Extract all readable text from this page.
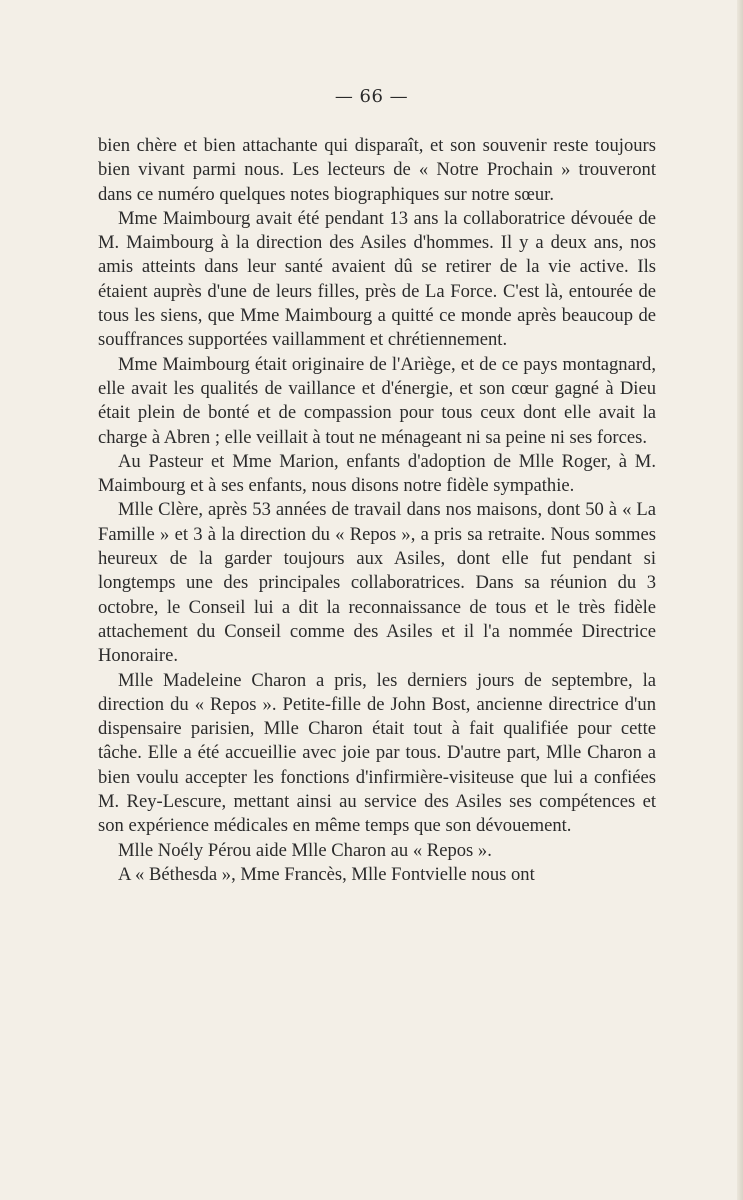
— 66 —

bien chère et bien attachante qui disparaît, et son souvenir reste toujours bien vivant parmi nous. Les lecteurs de « Notre Prochain » trouveront dans ce numéro quelques notes biographiques sur notre sœur.

Mme Maimbourg avait été pendant 13 ans la collaboratrice dévouée de M. Maimbourg à la direction des Asiles d'hommes. Il y a deux ans, nos amis atteints dans leur santé avaient dû se retirer de la vie active. Ils étaient auprès d'une de leurs filles, près de La Force. C'est là, entourée de tous les siens, que Mme Maimbourg a quitté ce monde après beaucoup de souffrances supportées vaillamment et chrétiennement.

Mme Maimbourg était originaire de l'Ariège, et de ce pays montagnard, elle avait les qualités de vaillance et d'énergie, et son cœur gagné à Dieu était plein de bonté et de compassion pour tous ceux dont elle avait la charge à Abren ; elle veillait à tout ne ménageant ni sa peine ni ses forces.

Au Pasteur et Mme Marion, enfants d'adoption de Mlle Roger, à M. Maimbourg et à ses enfants, nous disons notre fidèle sympathie.

Mlle Clère, après 53 années de travail dans nos maisons, dont 50 à « La Famille » et 3 à la direction du « Repos », a pris sa retraite. Nous sommes heureux de la garder toujours aux Asiles, dont elle fut pendant si longtemps une des principales collaboratrices. Dans sa réunion du 3 octobre, le Conseil lui a dit la reconnaissance de tous et le très fidèle attachement du Conseil comme des Asiles et il l'a nommée Directrice Honoraire.

Mlle Madeleine Charon a pris, les derniers jours de septembre, la direction du « Repos ». Petite-fille de John Bost, ancienne directrice d'un dispensaire parisien, Mlle Charon était tout à fait qualifiée pour cette tâche. Elle a été accueillie avec joie par tous. D'autre part, Mlle Charon a bien voulu accepter les fonctions d'infirmière-visiteuse que lui a confiées M. Rey-Lescure, mettant ainsi au service des Asiles ses compétences et son expérience médicales en même temps que son dévouement.

Mlle Noély Pérou aide Mlle Charon au « Repos ».

A « Béthesda », Mme Francès, Mlle Fontvielle nous ont
